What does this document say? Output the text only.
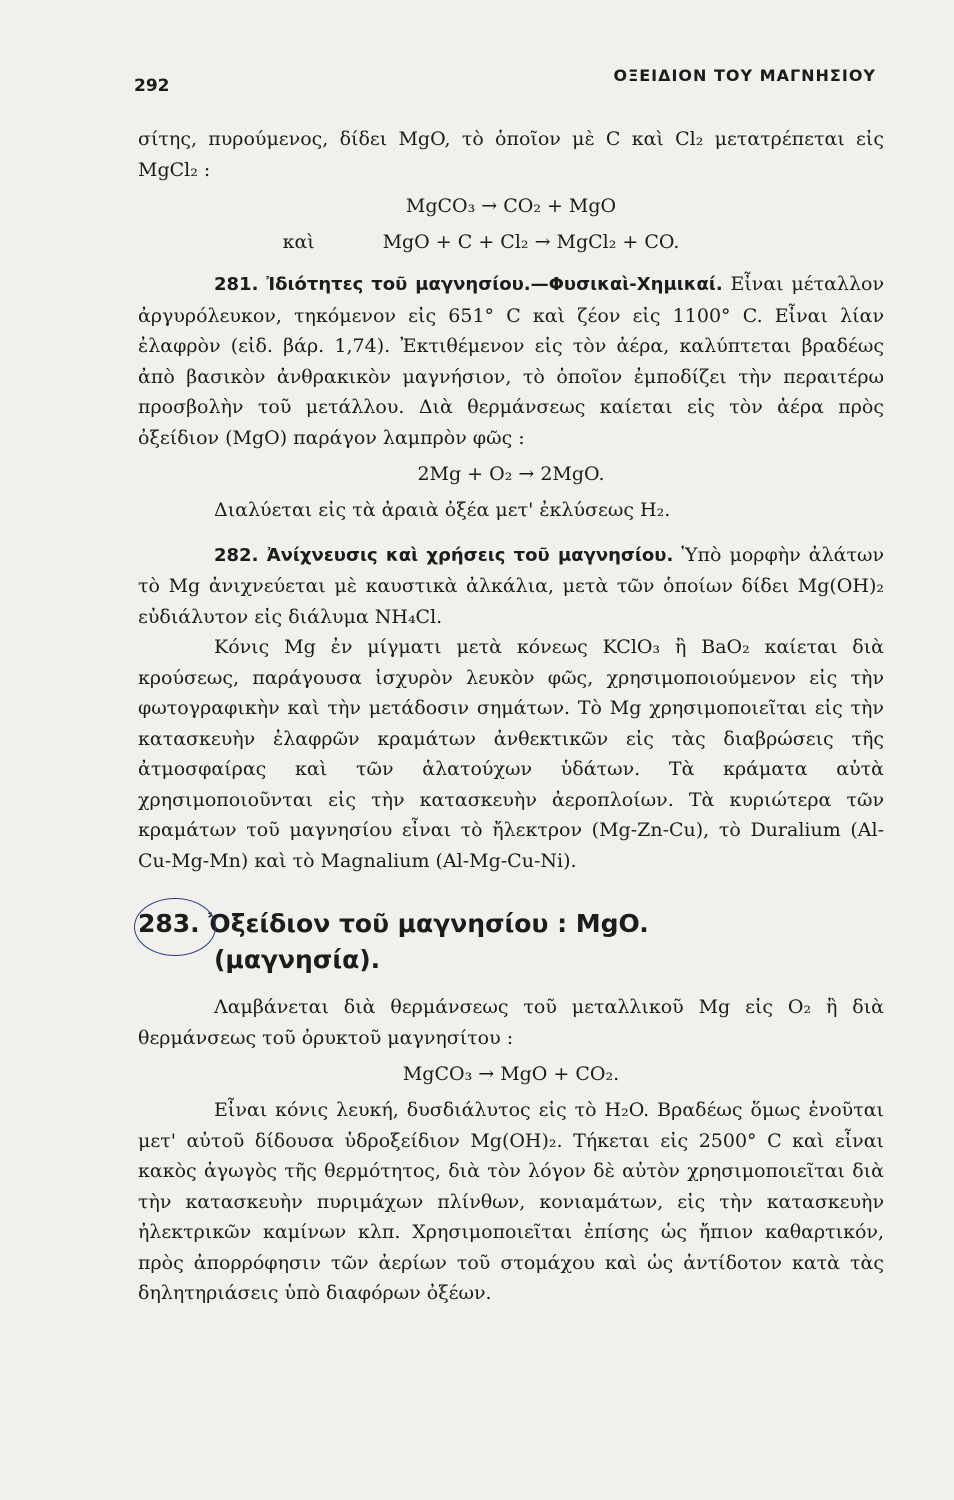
292
ΟΞΕΙΔΙΟΝ ΤΟΥ ΜΑΓΝΗΣΙΟΥ

σίτης, πυρούμενος, δίδει MgO, τὸ ὁποῖον μὲ C καὶ Cl₂ μετατρέπεται εἰς MgCl₂ :

MgCO₃ → CO₂ + MgO
καὶ	MgO + C + Cl₂ → MgCl₂ + CO.

281. Ἰδιότητες τοῦ μαγνησίου.—Φυσικαὶ-Χημικαί. Εἶναι μέταλλον ἀργυρόλευκον, τηκόμενον εἰς 651° C καὶ ζέον εἰς 1100° C. Εἶναι λίαν ἐλαφρὸν (εἰδ. βάρ. 1,74). Ἐκτιθέμενον εἰς τὸν ἀέρα, καλύπτεται βραδέως ἀπὸ βασικὸν ἀνθρακικὸν μαγνήσιον, τὸ ὁποῖον ἐμποδίζει τὴν περαιτέρω προσβολὴν τοῦ μετάλλου. Διὰ θερμάνσεως καίεται εἰς τὸν ἀέρα πρὸς ὀξείδιον (MgO) παράγον λαμπρὸν φῶς :

2Mg + O₂ → 2MgO.

Διαλύεται εἰς τὰ ἀραιὰ ὀξέα μετ' ἐκλύσεως H₂.

282. Ἀνίχνευσις καὶ χρήσεις τοῦ μαγνησίου. Ὑπὸ μορφὴν ἀλάτων τὸ Mg ἀνιχνεύεται μὲ καυστικὰ ἀλκάλια, μετὰ τῶν ὁποίων δίδει Mg(OH)₂ εὐδιάλυτον εἰς διάλυμα NH₄Cl.

Κόνις Mg ἐν μίγματι μετὰ κόνεως KClO₃ ἢ BaO₂ καίεται διὰ κρούσεως, παράγουσα ἰσχυρὸν λευκὸν φῶς, χρησιμοποιούμενον εἰς τὴν φωτογραφικὴν καὶ τὴν μετάδοσιν σημάτων. Τὸ Mg χρησιμοποιεῖται εἰς τὴν κατασκευὴν ἐλαφρῶν κραμάτων ἀνθεκτικῶν εἰς τὰς διαβρώσεις τῆς ἀτμοσφαίρας καὶ τῶν ἁλατούχων ὑδάτων. Τὰ κράματα αὐτὰ χρησιμοποιοῦνται εἰς τὴν κατασκευὴν ἀεροπλοίων. Τὰ κυριώτερα τῶν κραμάτων τοῦ μαγνησίου εἶναι τὸ ἤλεκτρον (Mg-Zn-Cu), τὸ Duralium (Al-Cu-Mg-Mn) καὶ τὸ Magnalium (Al-Mg-Cu-Ni).

283. Ὀξείδιον τοῦ μαγνησίου : MgO.
(μαγνησία).

Λαμβάνεται διὰ θερμάνσεως τοῦ μεταλλικοῦ Mg εἰς O₂ ἢ διὰ θερμάνσεως τοῦ ὀρυκτοῦ μαγνησίτου :

MgCO₃ → MgO + CO₂.

Εἶναι κόνις λευκή, δυσδιάλυτος εἰς τὸ H₂O. Βραδέως ὅμως ἑνοῦται μετ' αὐτοῦ δίδουσα ὑδροξείδιον Mg(OH)₂. Τήκεται εἰς 2500° C καὶ εἶναι κακὸς ἀγωγὸς τῆς θερμότητος, διὰ τὸν λόγον δὲ αὐτὸν χρησιμοποιεῖται διὰ τὴν κατασκευὴν πυριμάχων πλίνθων, κονιαμάτων, εἰς τὴν κατασκευὴν ἠλεκτρικῶν καμίνων κλπ. Χρησιμοποιεῖται ἐπίσης ὡς ἤπιον καθαρτικόν, πρὸς ἀπορρόφησιν τῶν ἀερίων τοῦ στομάχου καὶ ὡς ἀντίδοτον κατὰ τὰς δηλητηριάσεις ὑπὸ διαφόρων ὀξέων.
